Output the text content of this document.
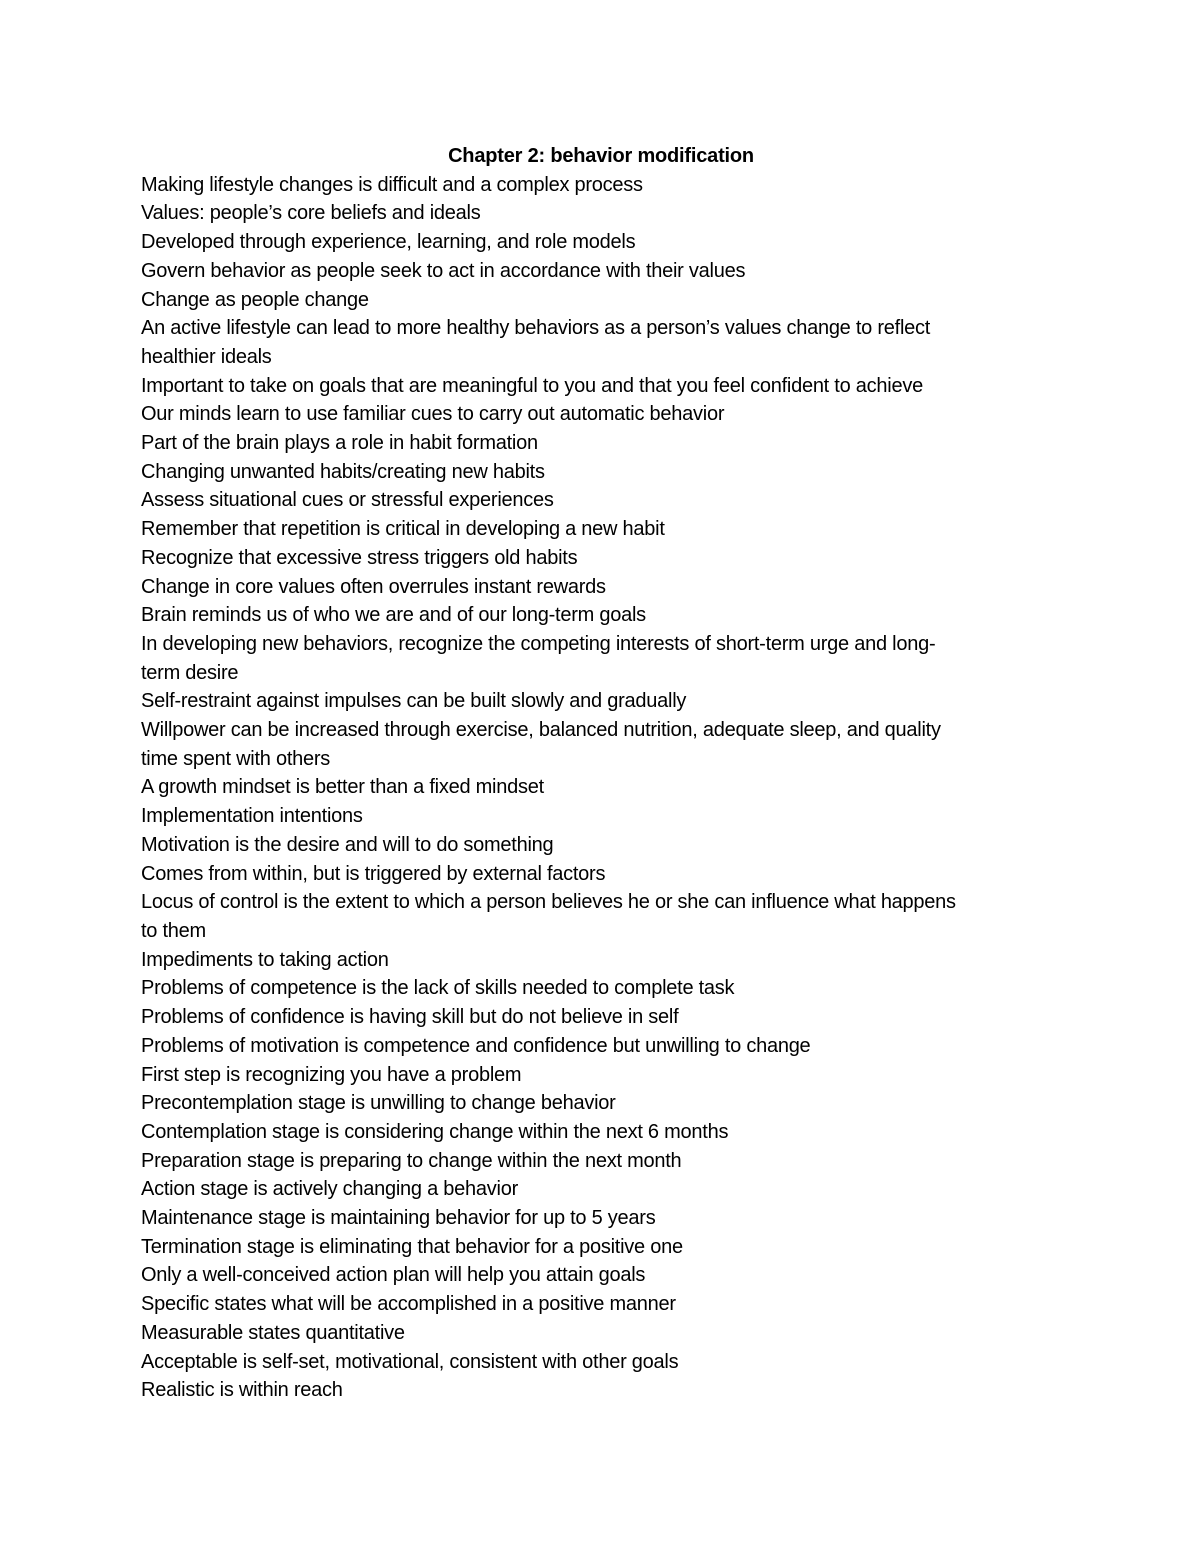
Chapter 2: behavior modification
Making lifestyle changes is difficult and a complex process
Values: people’s core beliefs and ideals
Developed through experience, learning, and role models
Govern behavior as people seek to act in accordance with their values
Change as people change
An active lifestyle can lead to more healthy behaviors as a person’s values change to reflect
healthier ideals
Important to take on goals that are meaningful to you and that you feel confident to achieve
Our minds learn to use familiar cues to carry out automatic behavior
Part of the brain plays a role in habit formation
Changing unwanted habits/creating new habits
Assess situational cues or stressful experiences
Remember that repetition is critical in developing a new habit
Recognize that excessive stress triggers old habits
Change in core values often overrules instant rewards
Brain reminds us of who we are and of our long-term goals
In developing new behaviors, recognize the competing interests of short-term urge and long-
term desire
Self-restraint against impulses can be built slowly and gradually
Willpower can be increased through exercise, balanced nutrition, adequate sleep, and quality
time spent with others
A growth mindset is better than a fixed mindset
Implementation intentions
Motivation is the desire and will to do something
Comes from within, but is triggered by external factors
Locus of control is the extent to which a person believes he or she can influence what happens
to them
Impediments to taking action
Problems of competence is the lack of skills needed to complete task
Problems of confidence is having skill but do not believe in self
Problems of motivation is competence and confidence but unwilling to change
First step is recognizing you have a problem
Precontemplation stage is unwilling to change behavior
Contemplation stage is considering change within the next 6 months
Preparation stage is preparing to change within the next month
Action stage is actively changing a behavior
Maintenance stage is maintaining behavior for up to 5 years
Termination stage is eliminating that behavior for a positive one
Only a well-conceived action plan will help you attain goals
Specific states what will be accomplished in a positive manner
Measurable states quantitative
Acceptable is self-set, motivational, consistent with other goals
Realistic is within reach
